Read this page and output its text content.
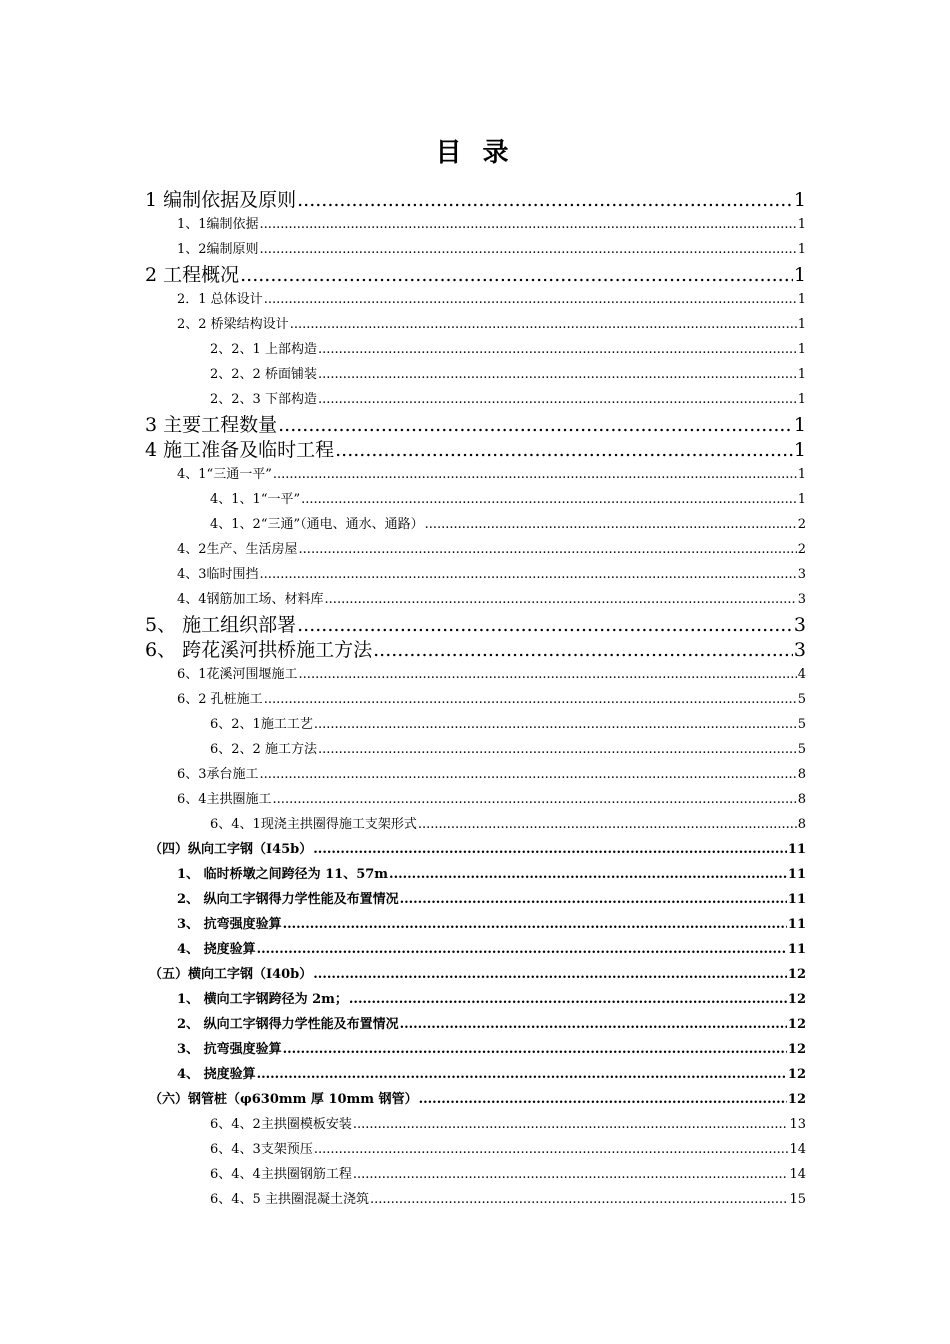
目 录
1 编制依据及原则 .....	1
1、1编制依据 .....	1
1、2编制原则 .....	1
2 工程概况 .....	1
2．1 总体设计 .....	1
2、2 桥梁结构设计 .....	1
2、2、1 上部构造 .....	1
2、2、2 桥面铺装 .....	1
2、2、3 下部构造 .....	1
3 主要工程数量 .....	1
4 施工准备及临时工程 .....	1
4、1“三通一平” .....	1
4、1、1“一平” .....	1
4、1、2“三通”（通电、通水、通路） .....	2
4、2生产、生活房屋 .....	2
4、3临时围挡 .....	3
4、4钢筋加工场、材料库 .....	3
5、 施工组织部署 .....	3
6、 跨花溪河拱桥施工方法 .....	3
6、1花溪河围堰施工 .....	4
6、2 孔桩施工 .....	5
6、2、1施工工艺 .....	5
6、2、2 施工方法 .....	5
6、3承台施工 .....	8
6、4主拱圈施工 .....	8
6、4、1现浇主拱圈得施工支架形式 .....	8
（四）纵向工字钢（I45b） .....	11
1、 临时桥墩之间跨径为 11、57m .....	11
2、 纵向工字钢得力学性能及布置情况 .....	11
3、 抗弯强度验算 .....	11
4、 挠度验算 .....	11
（五）横向工字钢（I40b） .....	12
1、 横向工字钢跨径为 2m； .....	12
2、 纵向工字钢得力学性能及布置情况 .....	12
3、 抗弯强度验算 .....	12
4、 挠度验算 .....	12
（六）钢管桩（φ630mm 厚 10mm 钢管） .....	12
6、4、2主拱圈模板安装 .....	13
6、4、3支架预压 .....	14
6、4、4主拱圈钢筋工程 .....	14
6、4、5 主拱圈混凝土浇筑 .....	15
